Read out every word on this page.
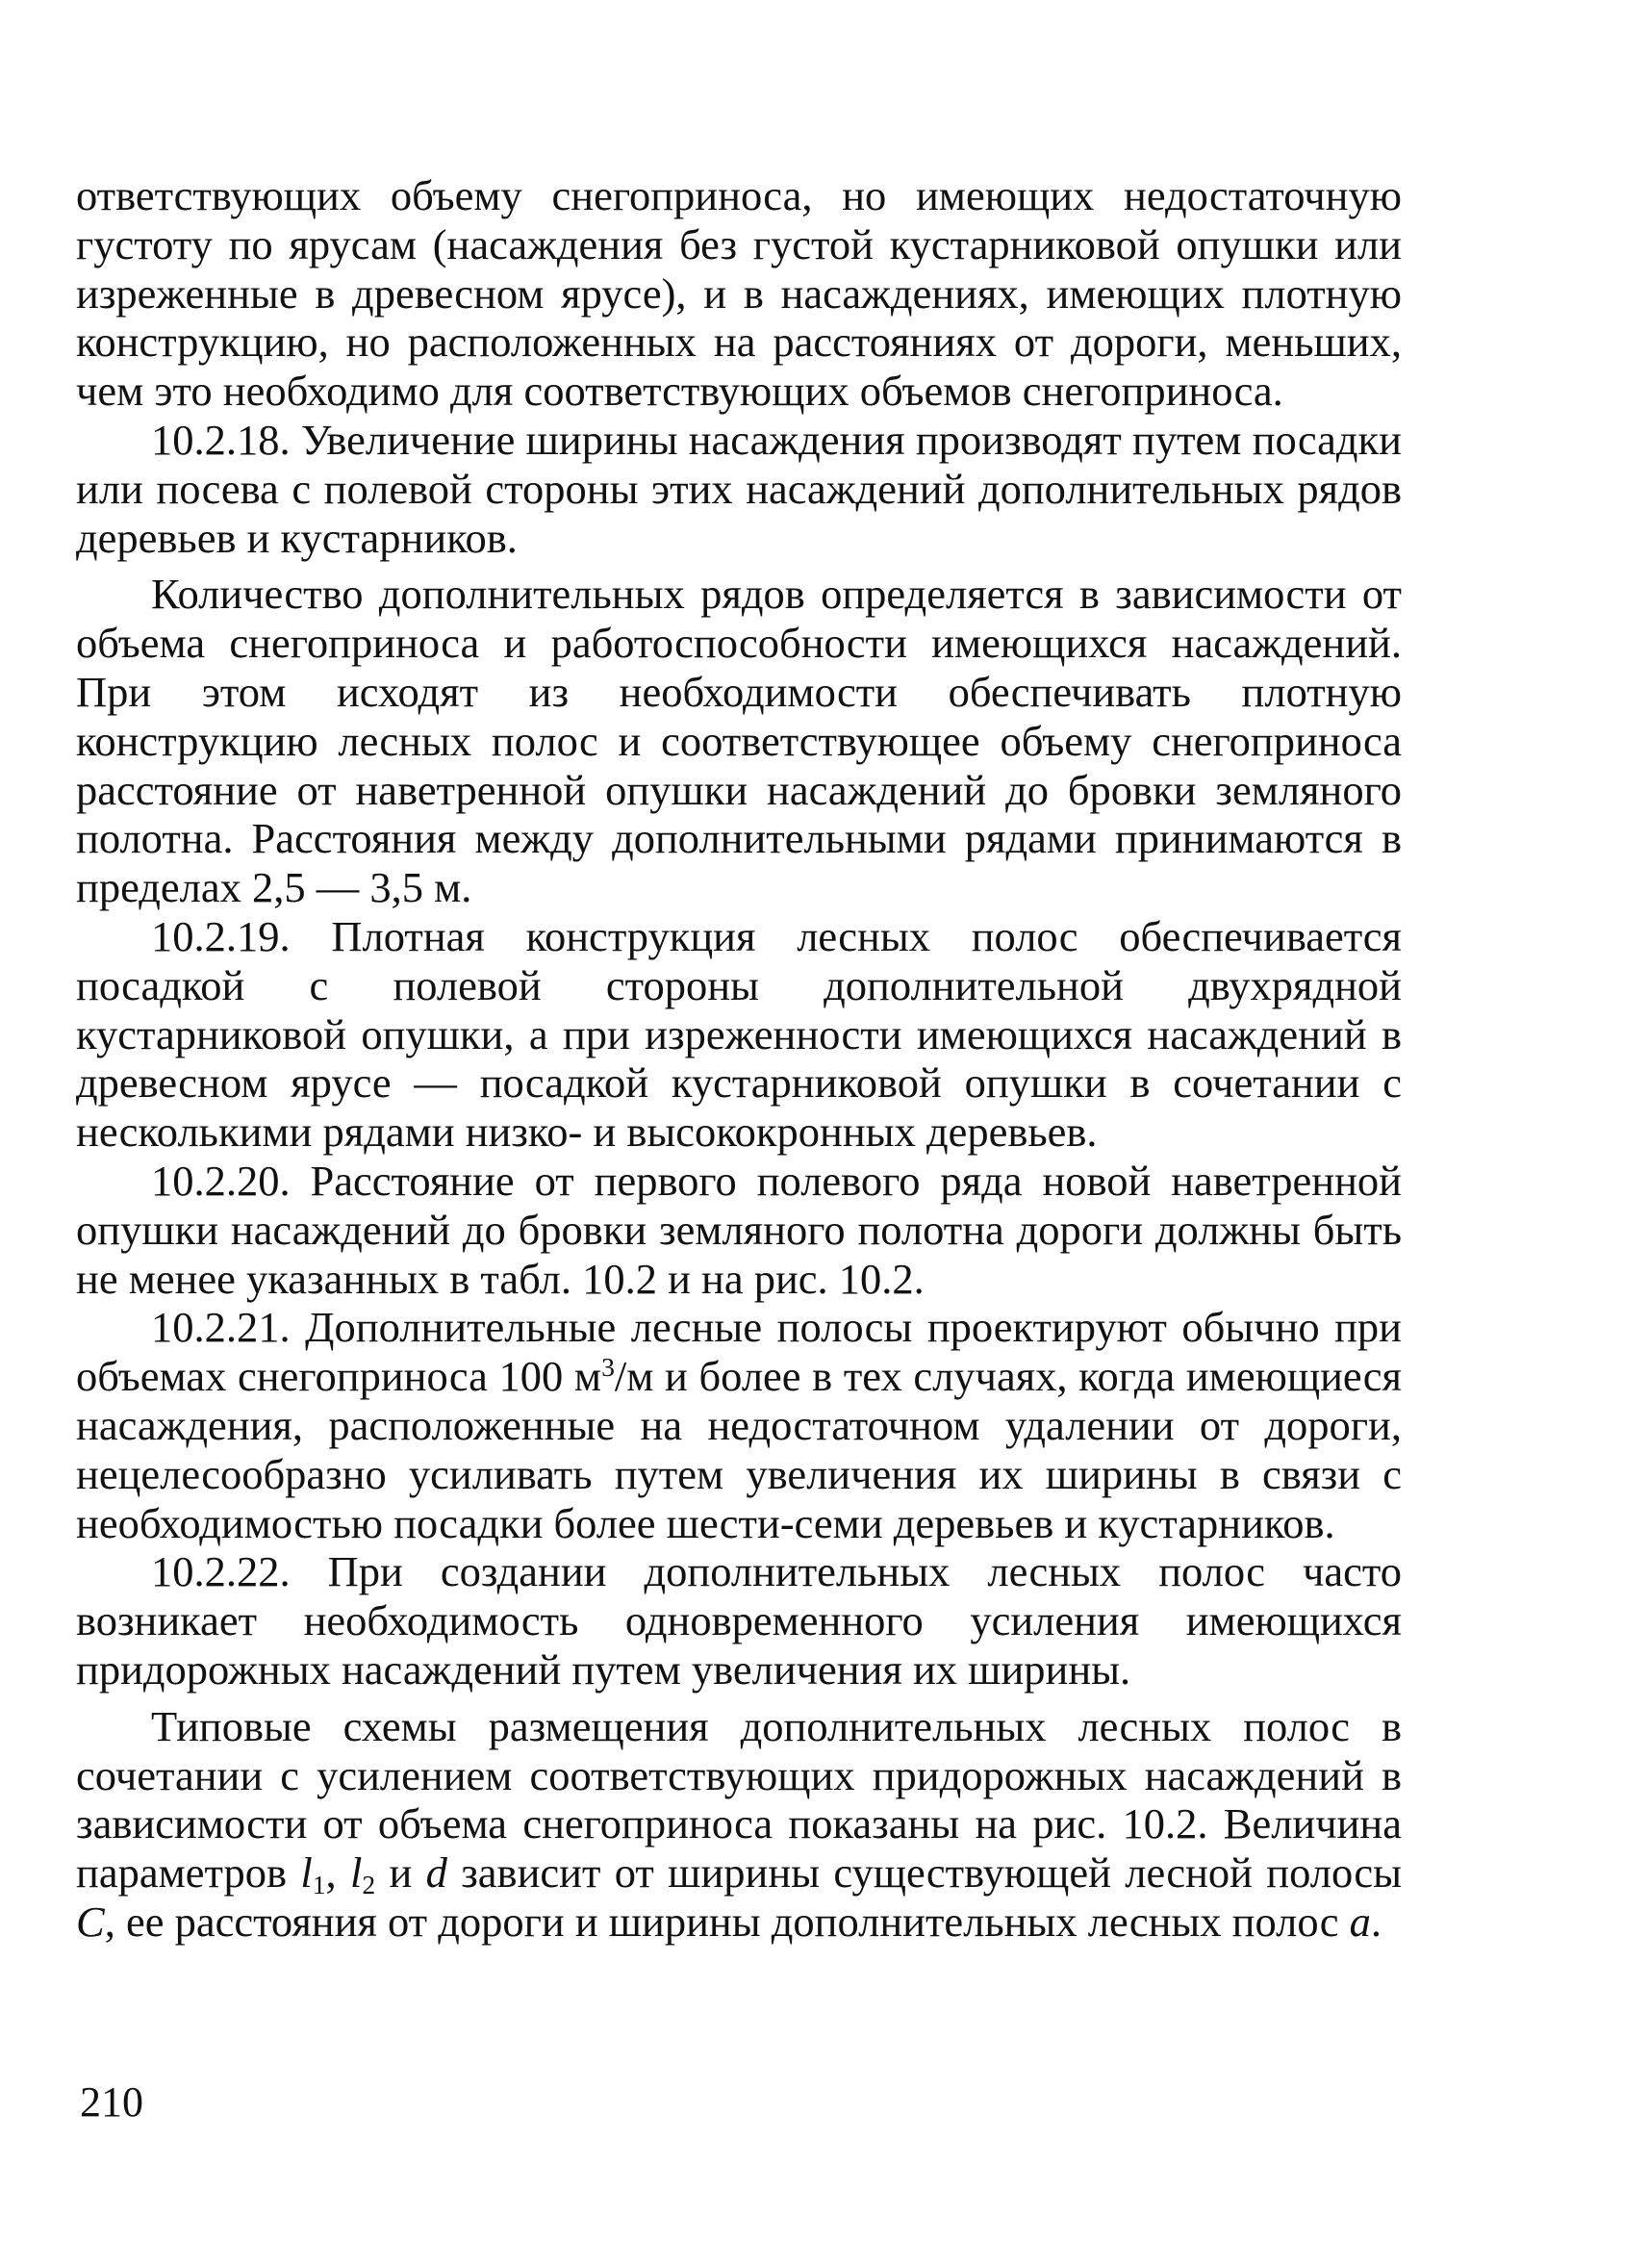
ответствующих объему снегоприноса, но имеющих недостаточную густоту по ярусам (насаждения без густой кустарниковой опушки или изреженные в древесном ярусе), и в насаждениях, имеющих плотную конструкцию, но расположенных на расстояниях от дороги, меньших, чем это необходимо для соответствующих объемов снегоприноса.

10.2.18. Увеличение ширины насаждения производят путем посадки или посева с полевой стороны этих насаждений дополнительных рядов деревьев и кустарников.

Количество дополнительных рядов определяется в зависимости от объема снегоприноса и работоспособности имеющихся насаждений. При этом исходят из необходимости обеспечивать плотную конструкцию лесных полос и соответствующее объему снегоприноса расстояние от наветренной опушки насаждений до бровки земляного полотна. Расстояния между дополнительными рядами принимаются в пределах 2,5 — 3,5 м.

10.2.19. Плотная конструкция лесных полос обеспечивается посадкой с полевой стороны дополнительной двухрядной кустарниковой опушки, а при изреженности имеющихся насаждений в древесном ярусе — посадкой кустарниковой опушки в сочетании с несколькими рядами низко- и высококронных деревьев.

10.2.20. Расстояние от первого полевого ряда новой наветренной опушки насаждений до бровки земляного полотна дороги должны быть не менее указанных в табл. 10.2 и на рис. 10.2.

10.2.21. Дополнительные лесные полосы проектируют обычно при объемах снегоприноса 100 $м^3/м$ и более в тех случаях, когда имеющиеся насаждения, расположенные на недостаточном удалении от дороги, нецелесообразно усиливать путем увеличения их ширины в связи с необходимостью посадки более шести-семи деревьев и кустарников.

10.2.22. При создании дополнительных лесных полос часто возникает необходимость одновременного усиления имеющихся придорожных насаждений путем увеличения их ширины.

Типовые схемы размещения дополнительных лесных полос в сочетании с усилением соответствующих придорожных насаждений в зависимости от объема снегоприноса показаны на рис. 10.2. Величина параметров $l_1$, $l_2$ и d зависит от ширины существующей лесной полосы C, ее расстояния от дороги и ширины дополнительных лесных полос a.

210
